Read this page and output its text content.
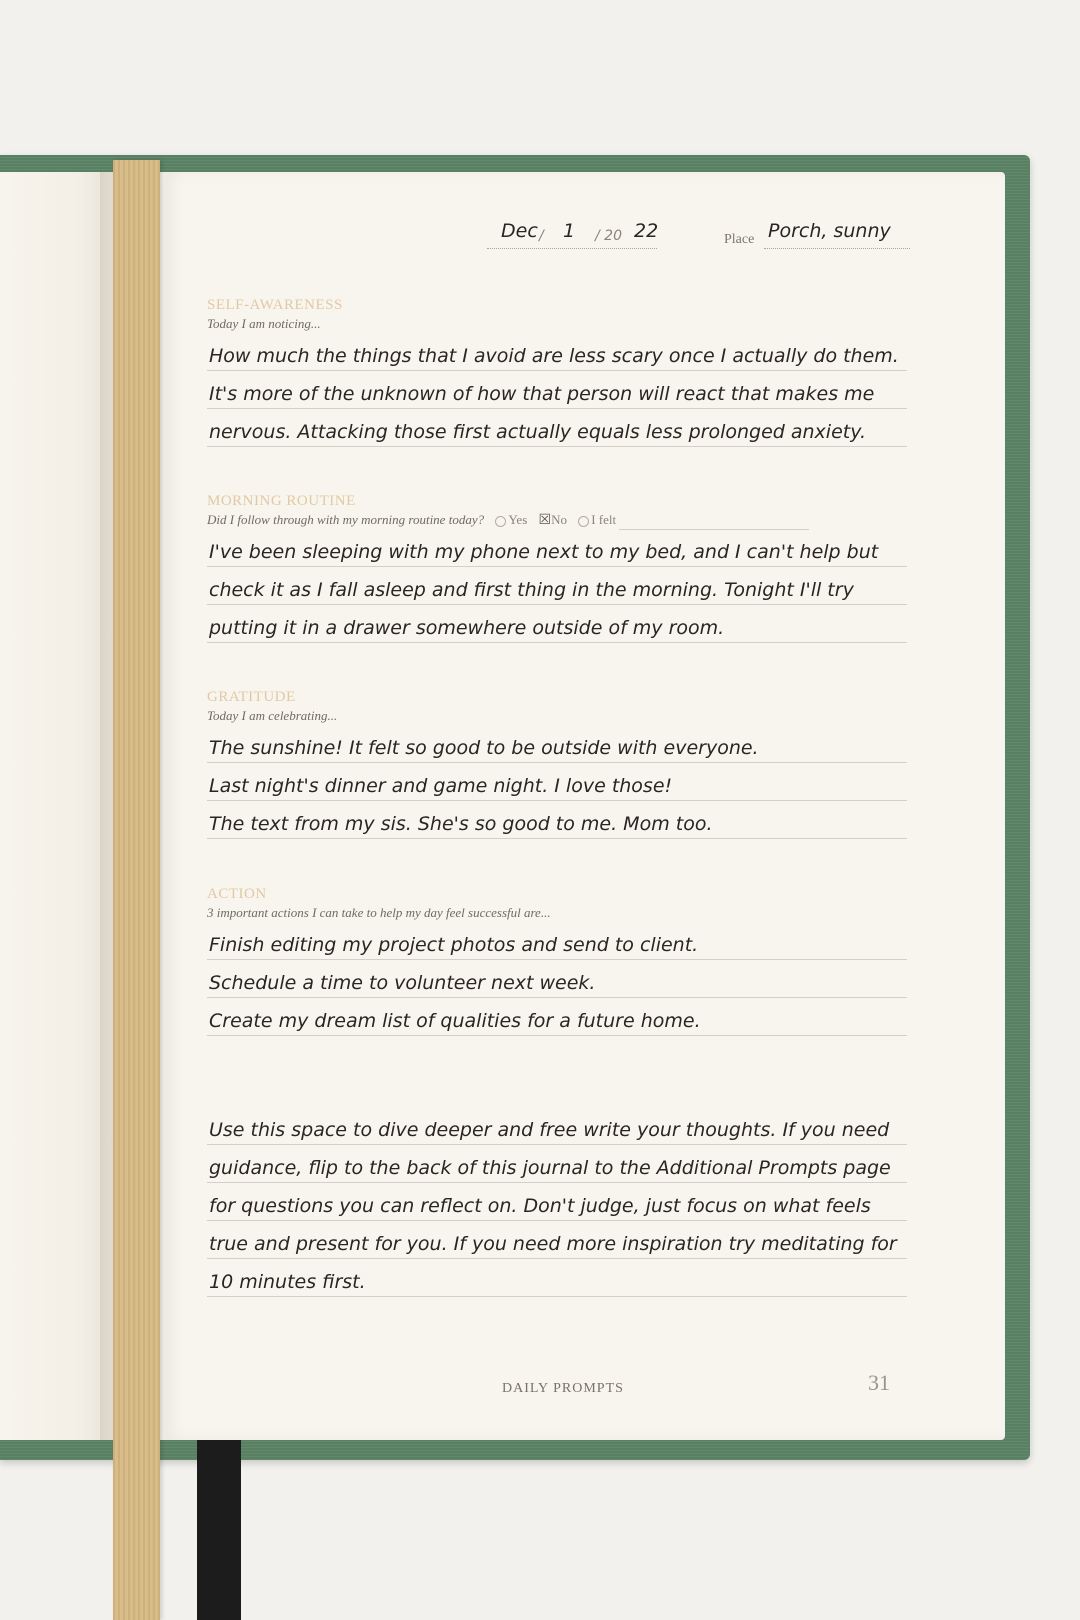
Dec / 1 / 20 22	Place Porch, sunny
SELF-AWARENESS
Today I am noticing...
How much the things that I avoid are less scary once I actually do them.
It's more of the unknown of how that person will react that makes me
nervous. Attacking those first actually equals less prolonged anxiety.
MORNING ROUTINE
Did I follow through with my morning routine today? Yes ☒No I felt
I've been sleeping with my phone next to my bed, and I can't help but
check it as I fall asleep and first thing in the morning. Tonight I'll try
putting it in a drawer somewhere outside of my room.
GRATITUDE
Today I am celebrating...
The sunshine! It felt so good to be outside with everyone.
Last night's dinner and game night. I love those!
The text from my sis. She's so good to me. Mom too.
ACTION
3 important actions I can take to help my day feel successful are...
Finish editing my project photos and send to client.
Schedule a time to volunteer next week.
Create my dream list of qualities for a future home.
Use this space to dive deeper and free write your thoughts. If you need
guidance, flip to the back of this journal to the Additional Prompts page
for questions you can reflect on. Don't judge, just focus on what feels
true and present for you. If you need more inspiration try meditating for
10 minutes first.
DAILY PROMPTS	31
